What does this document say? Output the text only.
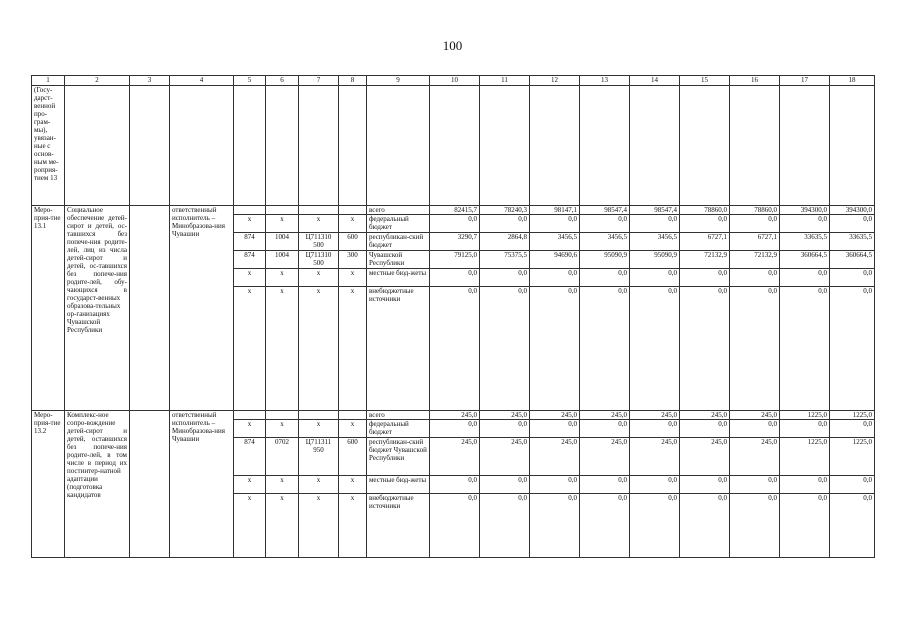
100
1	2	3	4	5	6	7	8	9	10	11	12	13	14	15	16	17	18
(Госу-дарст-венной про-грам-мы), увязан-ные с основ-ным ме-роприя-тием 13																	
Меро-прия-тие 13.1	Социальное обеспечение детей-сирот и детей, ос-тавшихся без попече-ния родите-лей, лиц из числа детей-сирот и детей, ос-тавшихся без попече-ния родите-лей, обу-чающихся в государст-венных образова-тельных ор-ганизациях Чувашской Республики		ответственный исполнитель – Минобразова-ния Чувашии					всего	82415,7	78240,3	98147,1	98547,4	98547,4	78860,0	78860,0	394300,0	394300,0
				х	х	х	х	федеральный бюджет	0,0	0,0	0,0	0,0	0,0	0,0	0,0	0,0	0,0
				874	1004	Ц711310 500	600	республикан-ский бюджет	3290,7	2864,8	3456,5	3456,5	3456,5	6727,1	6727,1	33635,5	33635,5
				874	1004	Ц711310 500	300	Чувашской Республики	79125,0	75375,5	94690,6	95090,9	95090,9	72132,9	72132,9	360664,5	360664,5
				х	х	х	х	местные бюд-жеты	0,0	0,0	0,0	0,0	0,0	0,0	0,0	0,0	0,0
				х	х	х	х	внебюджетные источники	0,0	0,0	0,0	0,0	0,0	0,0	0,0	0,0	0,0
Меро-прия-тие 13.2	Комплекс-ное сопро-вождение детей-сирот и детей, оставшихся без попече-ния родите-лей, в том числе в период их постинтер-натной адаптации (подготовка кандидатов		ответственный исполнитель – Минобразова-ния Чувашии					всего	245,0	245,0	245,0	245,0	245,0	245,0	245,0	1225,0	1225,0
				х	х	х	х	федеральный бюджет	0,0	0,0	0,0	0,0	0,0	0,0	0,0	0,0	0,0
				874	0702	Ц711311 950	600	республикан-ский бюджет Чувашской Республики	245,0	245,0	245,0	245,0	245,0	245,0	245,0	1225,0	1225,0
				х	х	х	х	местные бюд-жеты	0,0	0,0	0,0	0,0	0,0	0,0	0,0	0,0	0,0
				х	х	х	х	внебюджетные источники	0,0	0,0	0,0	0,0	0,0	0,0	0,0	0,0	0,0
